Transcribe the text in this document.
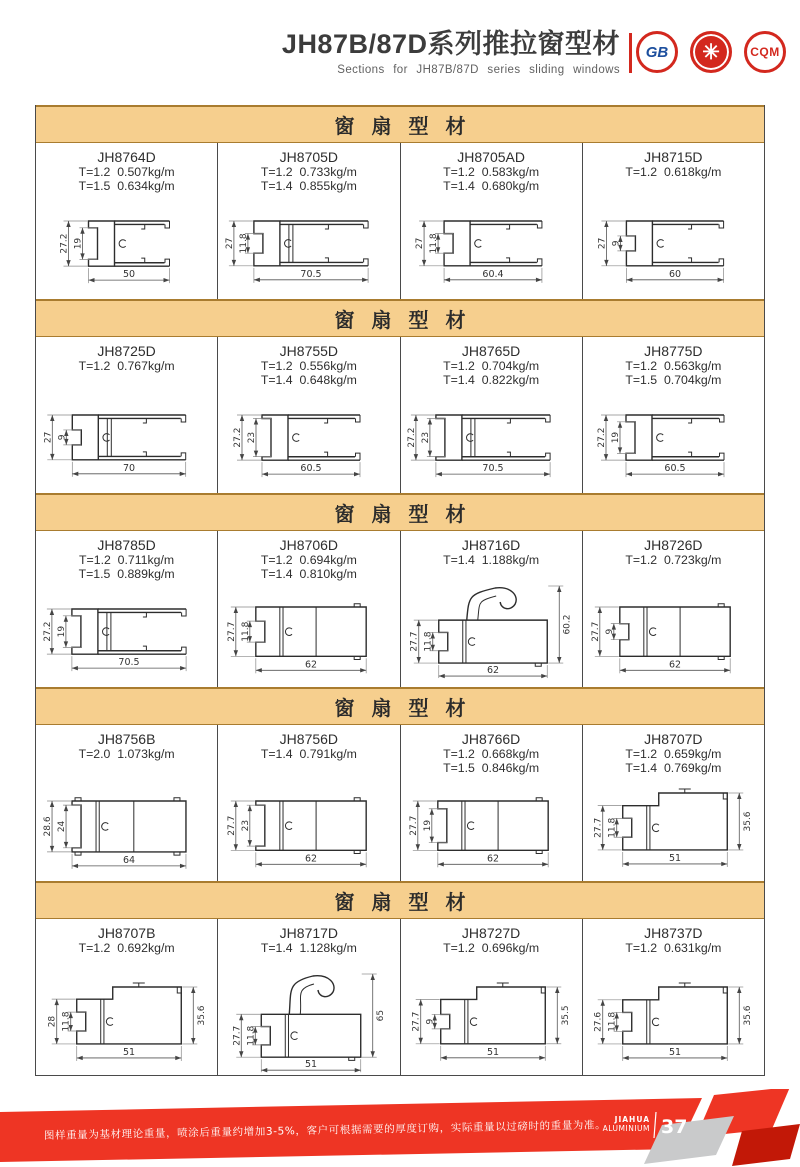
JH87B/87D系列推拉窗型材
Sections for JH87B/87D series sliding windows
GB ✳	CQM
窗扇型材
JH8764D
T=1.2  0.507kg/m
T=1.5  0.634kg/m
27.2 19
50
JH8705D
T=1.2  0.733kg/m
T=1.4  0.855kg/m
27 11.8
70.5
JH8705AD
T=1.2  0.583kg/m
T=1.4  0.680kg/m
27 11.8
60.4
JH8715D
T=1.2  0.618kg/m
27 9
60
窗扇型材
JH8725D
T=1.2  0.767kg/m
27 9
70
JH8755D
T=1.2  0.556kg/m
T=1.4  0.648kg/m
27.2 23
60.5
JH8765D
T=1.2  0.704kg/m
T=1.4  0.822kg/m
27.2 23
70.5
JH8775D
T=1.2  0.563kg/m
T=1.5  0.704kg/m
27.2 19
60.5
窗扇型材
JH8785D
T=1.2  0.711kg/m
T=1.5  0.889kg/m
27.2 19
70.5
JH8706D
T=1.2  0.694kg/m
T=1.4  0.810kg/m
27.7 11.8
62
JH8716D
T=1.4  1.188kg/m
27.7 11.8
62
60.2
JH8726D
T=1.2  0.723kg/m
27.7 9
62
窗扇型材
JH8756B
T=2.0  1.073kg/m
28.6 24
64
JH8756D
T=1.4  0.791kg/m
27.7 23
62
JH8766D
T=1.2  0.668kg/m
T=1.5  0.846kg/m
27.7 19
62
JH8707D
T=1.2  0.659kg/m
T=1.4  0.769kg/m
27.7 11.8
51
35.6
窗扇型材
JH8707B
T=1.2  0.692kg/m
28 11.8
51
35.6
JH8717D
T=1.4  1.128kg/m
27.7 11.8
51
65
JH8727D
T=1.2  0.696kg/m
27.7 9
51
35.5
JH8737D
T=1.2  0.631kg/m
27.6 11.8
51
35.6
图样重量为基材理论重量，喷涂后重量约增加3-5%，客户可根据需要的厚度订购，实际重量以过磅时的重量为准。 JIAHUA
ALUMINIUM 37
